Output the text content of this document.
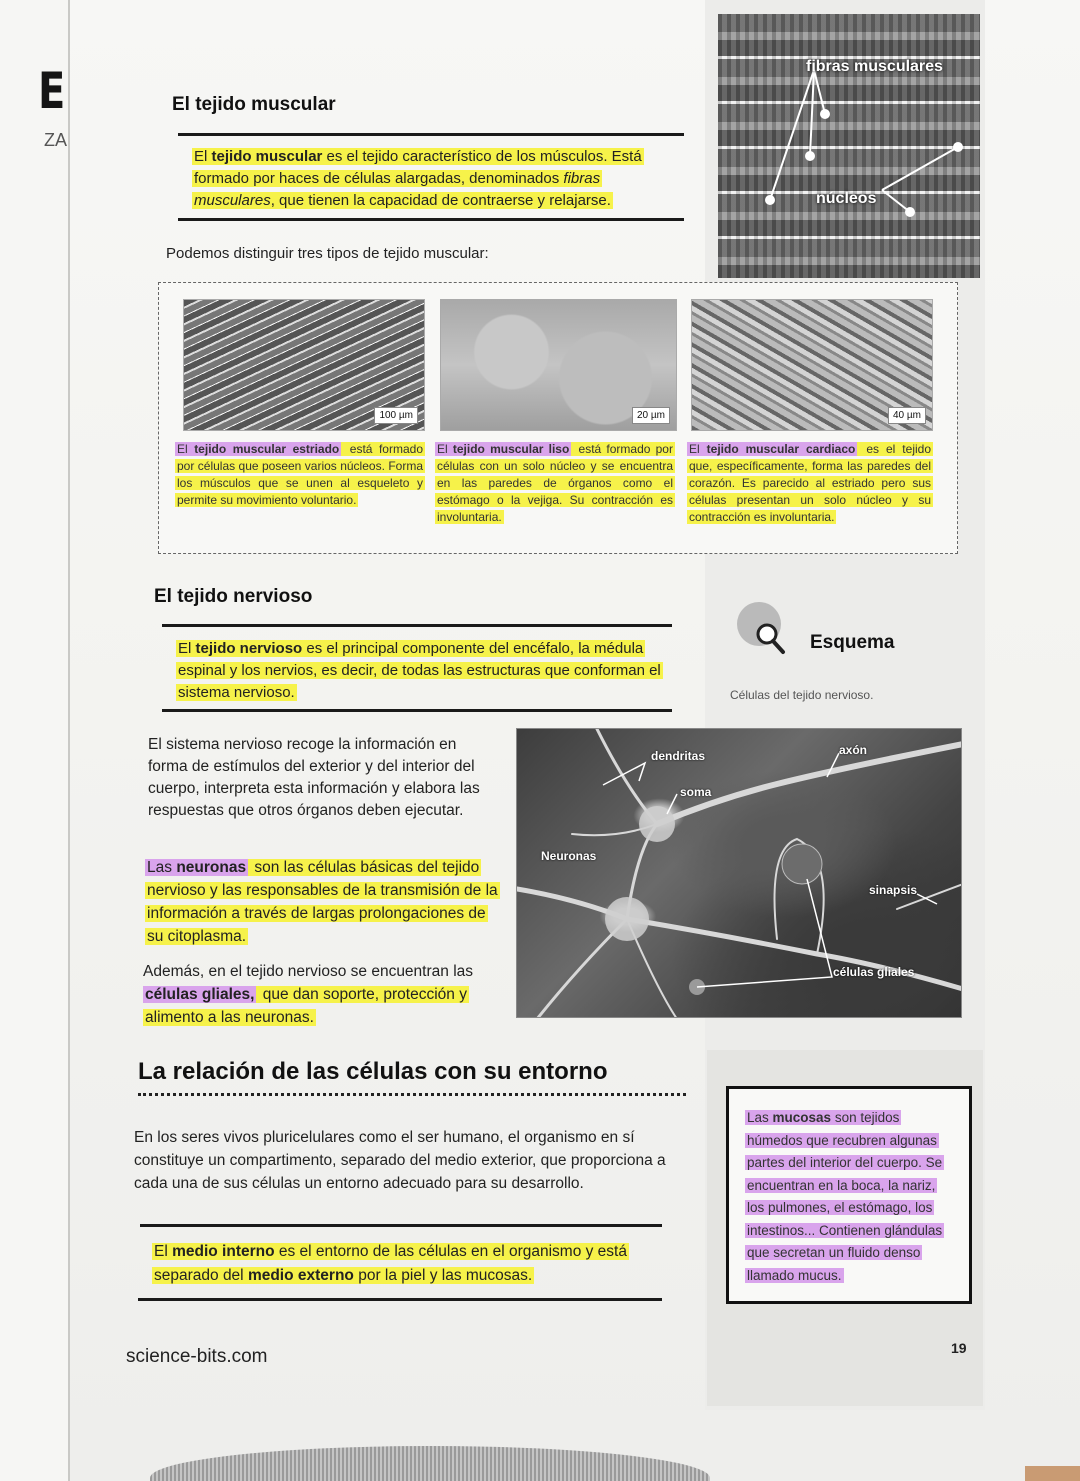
E
ZA
El tejido muscular
El tejido muscular es el tejido característico de los músculos. Está formado por haces de células alargadas, denominados fibras musculares, que tienen la capacidad de contraerse y relajarse.
Podemos distinguir tres tipos de tejido muscular:
fibras musculares
núcleos
100 µm	20 µm	40 µm
El tejido muscular estriado está formado por células que poseen varios núcleos. Forma los músculos que se unen al esqueleto y permite su movimiento voluntario.
El tejido muscular liso está formado por células con un solo núcleo y se encuentra en las paredes de órganos como el estómago o la vejiga. Su contracción es involuntaria.
El tejido muscular cardiaco es el tejido que, específicamente, forma las paredes del corazón. Es parecido al estriado pero sus células presentan un solo núcleo y su contracción es involuntaria.
El tejido nervioso
El tejido nervioso es el principal componente del encéfalo, la médula espinal y los nervios, es decir, de todas las estructuras que conforman el sistema nervioso.
Esquema
Células del tejido nervioso.
El sistema nervioso recoge la información en forma de estímulos del exterior y del interior del cuerpo, interpreta esta información y elabora las respuestas que otros órganos deben ejecutar.
Las neuronas son las células básicas del tejido nervioso y las responsables de la transmisión de la información a través de largas prolongaciones de su citoplasma.
Además, en el tejido nervioso se encuentran las células gliales, que dan soporte, protección y alimento a las neuronas.
dendritas
soma
axón
Neuronas
sinapsis
células gliales
La relación de las células con su entorno
En los seres vivos pluricelulares como el ser humano, el organismo en sí constituye un compartimento, separado del medio exterior, que proporciona a cada una de sus células un entorno adecuado para su desarrollo.
El medio interno es el entorno de las células en el organismo y está separado del medio externo por la piel y las mucosas.
Las mucosas son tejidos húmedos que recubren algunas partes del interior del cuerpo. Se encuentran en la boca, la nariz, los pulmones, el estómago, los intestinos... Contienen glándulas que secretan un fluido denso llamado mucus.
science-bits.com	19
